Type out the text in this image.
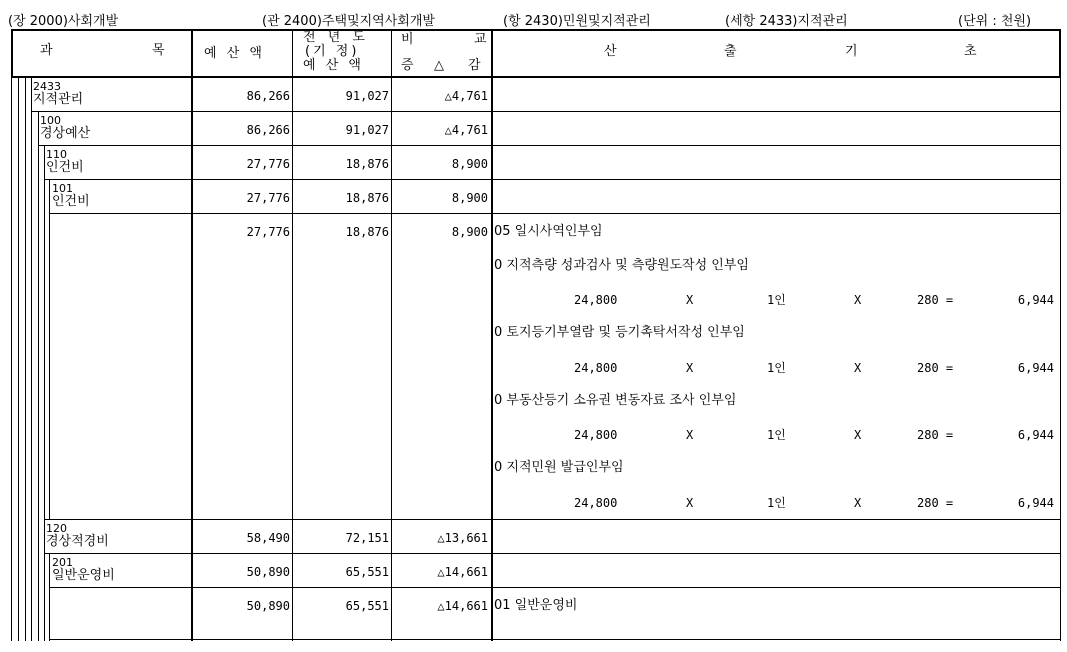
(장 2000)사회개발	(관 2400)주택및지역사회개발	(항 2430)민원및지적관리	(세항 2433)지적관리	(단위 : 천원)
과	목	예 산 액
전 년 도
(기 정)
예 산 액
비	교
증 △ 감
산	출	기	초
2433
지적관리	86,266	91,027	△4,761
100
경상예산	86,266	91,027	△4,761
110
인건비	27,776	18,876	8,900
101
인건비	27,776	18,876	8,900
27,776	18,876	8,900 05 일시사역인부임
0 지적측량 성과검사 및 측량원도작성 인부임
24,800	X	1인	X	280 =	6,944
0 토지등기부열람 및 등기촉탁서작성 인부임
24,800	X	1인	X	280 =	6,944
0 부동산등기 소유권 변동자료 조사 인부임
24,800	X	1인	X	280 =	6,944
0 지적민원 발급인부임
24,800	X	1인	X	280 =	6,944
120
경상적경비	58,490	72,151	△13,661
201
일반운영비	50,890	65,551	△14,661
50,890	65,551	△14,661 01 일반운영비
